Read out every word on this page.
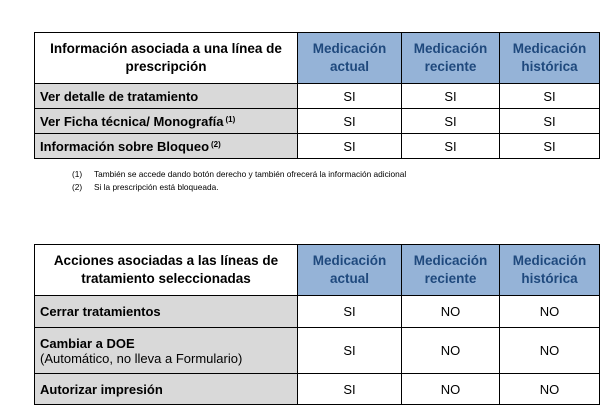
Información asociada a una línea de prescripción	Medicación actual	Medicación reciente	Medicación histórica
Ver detalle de tratamiento	SI	SI	SI
Ver Ficha técnica/ Monografía $^{(1)}$	SI	SI	SI
Información sobre Bloqueo $^{(2)}$	SI	SI	SI
(1) También se accede dando botón derecho y también ofrecerá la información adicional
(2) Si la prescripción está bloqueada.
Acciones asociadas a las líneas de tratamiento seleccionadas	Medicación actual	Medicación reciente	Medicación histórica
Cerrar tratamientos	SI	NO	NO
Cambiar a DOE
(Automático, no lleva a Formulario)	SI	NO	NO
Autorizar impresión	SI	NO	NO
